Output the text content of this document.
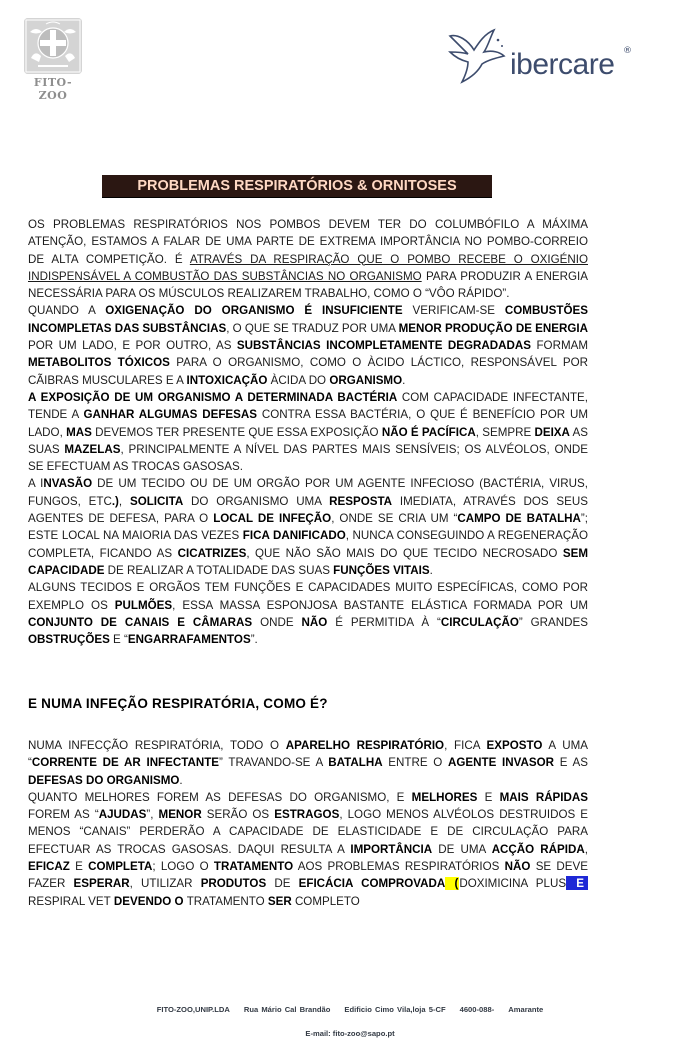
FITO-ZOO
ibercare ®
PROBLEMAS RESPIRATÓRIOS & ORNITOSES

OS PROBLEMAS RESPIRATÓRIOS NOS POMBOS DEVEM TER DO COLUMBÓFILO A MÁXIMA ATENÇÃO, ESTAMOS A FALAR DE UMA PARTE DE EXTREMA IMPORTÂNCIA NO POMBO-CORREIO DE ALTA COMPETIÇÃO. É ATRAVÉS DA RESPIRAÇÃO QUE O POMBO RECEBE O OXIGÉNIO INDISPENSÁVEL A COMBUSTÃO DAS SUBSTÂNCIAS NO ORGANISMO PARA PRODUZIR A ENERGIA NECESSÁRIA PARA OS MÚSCULOS REALIZAREM TRABALHO, COMO O “VÔO RÁPIDO”.

QUANDO A OXIGENAÇÃO DO ORGANISMO É INSUFICIENTE VERIFICAM-SE COMBUSTÕES INCOMPLETAS DAS SUBSTÂNCIAS, O QUE SE TRADUZ POR UMA MENOR PRODUÇÃO DE ENERGIA POR UM LADO, E POR OUTRO, AS SUBSTÂNCIAS INCOMPLETAMENTE DEGRADADAS FORMAM METABOLITOS TÓXICOS PARA O ORGANISMO, COMO O ÀCIDO LÁCTICO, RESPONSÁVEL POR CÃIBRAS MUSCULARES E A INTOXICAÇÃO ÀCIDA DO ORGANISMO.

A EXPOSIÇÃO DE UM ORGANISMO A DETERMINADA BACTÉRIA COM CAPACIDADE INFECTANTE, TENDE A GANHAR ALGUMAS DEFESAS CONTRA ESSA BACTÉRIA, O QUE É BENEFÍCIO POR UM LADO, MAS DEVEMOS TER PRESENTE QUE ESSA EXPOSIÇÃO NÃO É PACÍFICA, SEMPRE DEIXA AS SUAS MAZELAS, PRINCIPALMENTE A NÍVEL DAS PARTES MAIS SENSÍVEIS; OS ALVÉOLOS, ONDE SE EFECTUAM AS TROCAS GASOSAS.

A INVASÃO DE UM TECIDO OU DE UM ORGÃO POR UM AGENTE INFECIOSO (BACTÉRIA, VIRUS, FUNGOS, ETC.), SOLICITA DO ORGANISMO UMA RESPOSTA IMEDIATA, ATRAVÉS DOS SEUS AGENTES DE DEFESA, PARA O LOCAL DE INFEÇÃO, ONDE SE CRIA UM “CAMPO DE BATALHA”; ESTE LOCAL NA MAIORIA DAS VEZES FICA DANIFICADO, NUNCA CONSEGUINDO A REGENERAÇÃO COMPLETA, FICANDO AS CICATRIZES, QUE NÃO SÃO MAIS DO QUE TECIDO NECROSADO SEM CAPACIDADE DE REALIZAR A TOTALIDADE DAS SUAS FUNÇÕES VITAIS.

ALGUNS TECIDOS E ORGÃOS TEM FUNÇÕES E CAPACIDADES MUITO ESPECÍFICAS, COMO POR EXEMPLO OS PULMÕES, ESSA MASSA ESPONJOSA BASTANTE ELÁSTICA FORMADA POR UM CONJUNTO DE CANAIS E CÂMARAS ONDE NÃO É PERMITIDA À “CIRCULAÇÃO” GRANDES OBSTRUÇÕES E “ENGARRAFAMENTOS”.

E NUMA INFEÇÃO RESPIRATÓRIA, COMO É?

NUMA INFECÇÃO RESPIRATÓRIA, TODO O APARELHO RESPIRATÓRIO, FICA EXPOSTO A UMA “CORRENTE DE AR INFECTANTE” TRAVANDO-SE A BATALHA ENTRE O AGENTE INVASOR E AS DEFESAS DO ORGANISMO.

QUANTO MELHORES FOREM AS DEFESAS DO ORGANISMO, E MELHORES E MAIS RÁPIDAS FOREM AS “AJUDAS”, MENOR SERÃO OS ESTRAGOS, LOGO MENOS ALVÉOLOS DESTRUIDOS E MENOS “CANAIS” PERDERÃO A CAPACIDADE DE ELASTICIDADE E DE CIRCULAÇÃO PARA EFECTUAR AS TROCAS GASOSAS. DAQUI RESULTA A IMPORTÂNCIA DE UMA ACÇÃO RÁPIDA, EFICAZ E COMPLETA; LOGO O TRATAMENTO AOS PROBLEMAS RESPIRATÓRIOS NÃO SE DEVE FAZER ESPERAR, UTILIZAR PRODUTOS DE EFICÁCIA COMPROVADA (DOXIMICINA PLUS E RESPIRAL VET DEVENDO O TRATAMENTO SER COMPLETO

FITO-ZOO,UNIP.LDA Rua Mário Cal Brandão Edificio Cimo Vila,loja 5-CF 4600-088- Amarante
E-mail: fito-zoo@sapo.pt
